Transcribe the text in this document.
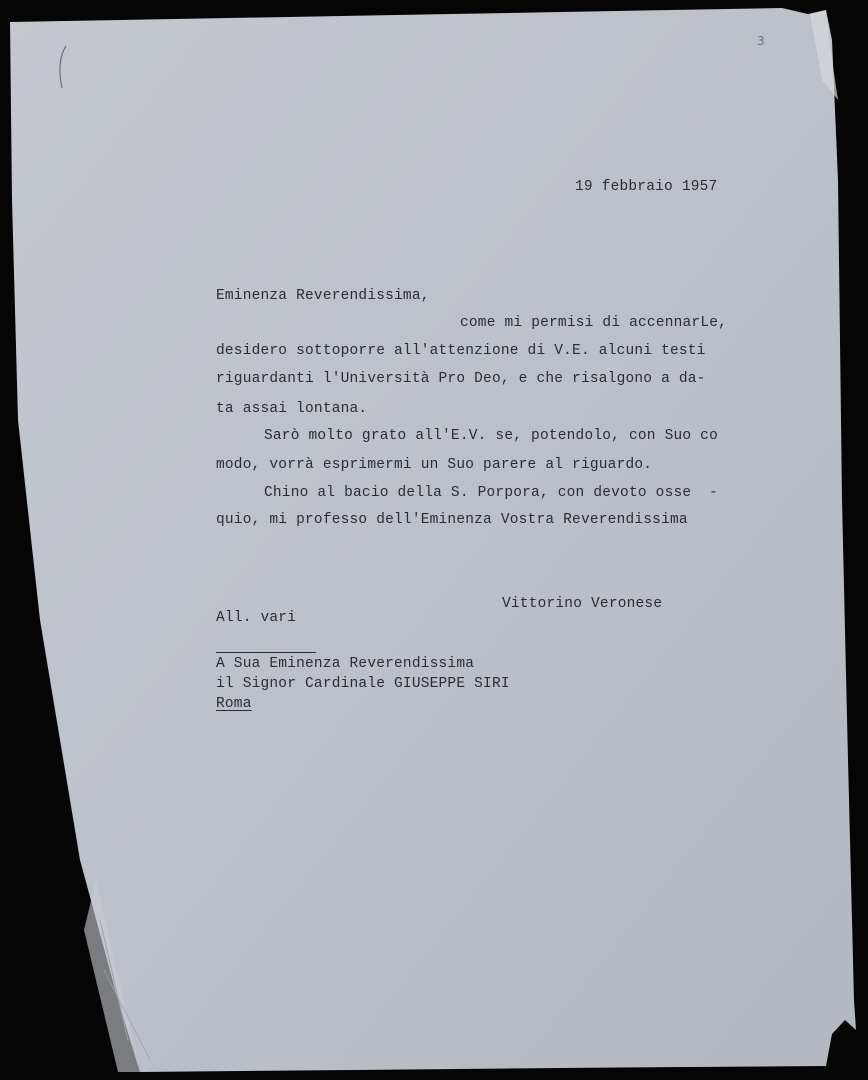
3
19 febbraio 1957
Eminenza Reverendissima,
come mi permisi di accennarLe,
desidero sottoporre all'attenzione di V.E. alcuni testi
riguardanti l'Università Pro Deo, e che risalgono a da-
ta assai lontana.
Sarò molto grato all'E.V. se, potendolo, con Suo co
modo, vorrà esprimermi un Suo parere al riguardo.
Chino al bacio della S. Porpora, con devoto osse  -
quio, mi professo dell'Eminenza Vostra Reverendissima
Vittorino Veronese
All. vari
A Sua Eminenza Reverendissima
il Signor Cardinale GIUSEPPE SIRI
Roma
